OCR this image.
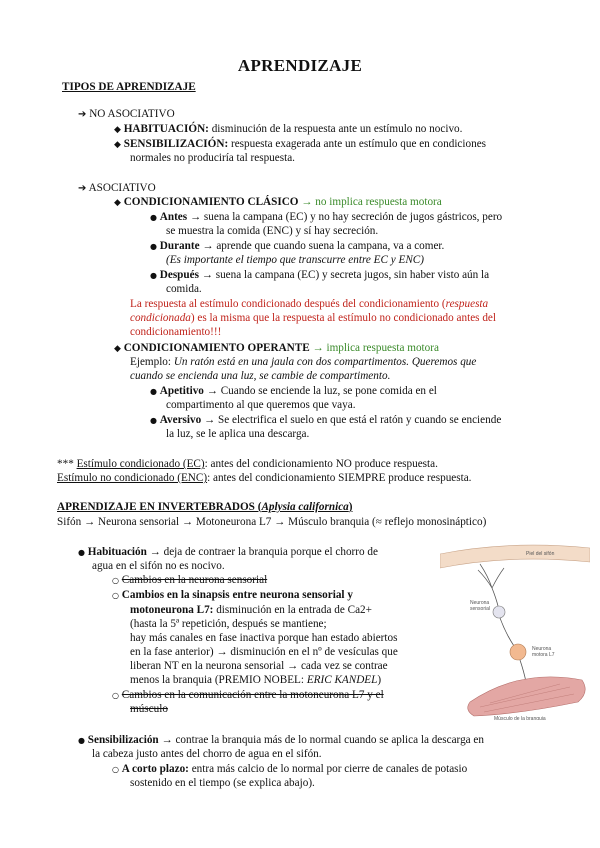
APRENDIZAJE
TIPOS DE APRENDIZAJE
➔ NO ASOCIATIVO
◆ HABITUACIÓN: disminución de la respuesta ante un estímulo no nocivo.
◆ SENSIBILIZACIÓN: respuesta exagerada ante un estímulo que en condiciones
normales no produciría tal respuesta.
➔ ASOCIATIVO
◆ CONDICIONAMIENTO CLÁSICO → no implica respuesta motora
● Antes → suena la campana (EC) y no hay secreción de jugos gástricos, pero
se muestra la comida (ENC) y sí hay secreción.
● Durante → aprende que cuando suena la campana, va a comer.
(Es importante el tiempo que transcurre entre EC y ENC)
● Después → suena la campana (EC) y secreta jugos, sin haber visto aún la
comida.
La respuesta al estímulo condicionado después del condicionamiento (respuesta
condicionada) es la misma que la respuesta al estímulo no condicionado antes del
condicionamiento!!!
◆ CONDICIONAMIENTO OPERANTE → implica respuesta motora
Ejemplo: Un ratón está en una jaula con dos compartimentos. Queremos que
cuando se encienda una luz, se cambie de compartimento.
● Apetitivo → Cuando se enciende la luz, se pone comida en el
compartimento al que queremos que vaya.
● Aversivo → Se electrifica el suelo en que está el ratón y cuando se enciende
la luz, se le aplica una descarga.
*** Estímulo condicionado (EC): antes del condicionamiento NO produce respuesta.
Estímulo no condicionado (ENC): antes del condicionamiento SIEMPRE produce respuesta.
APRENDIZAJE EN INVERTEBRADOS (Aplysia californica)
Sifón → Neurona sensorial → Motoneurona L7 → Músculo branquia (≈ reflejo monosináptico)
● Habituación → deja de contraer la branquia porque el chorro de
agua en el sifón no es nocivo.
○ Cambios en la neurona sensorial
○ Cambios en la sinapsis entre neurona sensorial y
motoneurona L7: disminución en la entrada de Ca2+
(hasta la 5ª repetición, después se mantiene;
hay más canales en fase inactiva porque han estado abiertos
en la fase anterior) → disminución en el nº de vesículas que
liberan NT en la neurona sensorial → cada vez se contrae
menos la branquia (PREMIO NOBEL: ERIC KANDEL)
○ Cambios en la comunicación entre la motoneurona L7 y el
músculo
● Sensibilización → contrae la branquia más de lo normal cuando se aplica la descarga en
la cabeza justo antes del chorro de agua en el sifón.
○ A corto plazo: entra más calcio de lo normal por cierre de canales de potasio
sostenido en el tiempo (se explica abajo).
Piel del sifón
Neurona
sensorial
Neurona
motora L7
Músculo de la branquia
